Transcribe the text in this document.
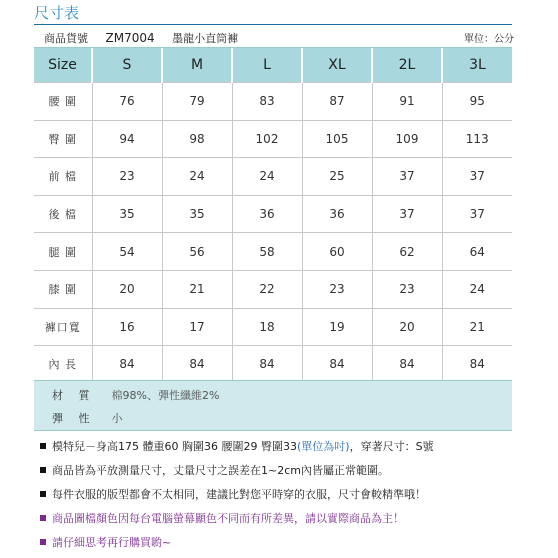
尺寸表
商品貨號 ZM7004 墨龍小直筒褲	單位：公分
Size	S	M	L	XL	2L	3L
腰 圍	76	79	83	87	91	95
臀 圍	94	98	102	105	109	113
前 檔	23	24	24	25	37	37
後 檔	35	35	36	36	37	37
腿 圍	54	56	58	60	62	64
膝 圍	20	21	22	23	23	24
褲口寬	16	17	18	19	20	21
內 長	84	84	84	84	84	84
材 質 棉98%、彈性纖維2%
彈 性 小
模特兒－身高175 體重60 胸圍36 腰圍29 臀圍33(單位為吋)，穿著尺寸：S號
商品皆為平放測量尺寸，丈量尺寸之誤差在1~2cm內皆屬正常範圍。
每件衣服的版型都會不太相同，建議比對您平時穿的衣服，尺寸會較精準哦！
商品圖檔顏色因每台電腦螢幕顯色不同而有所差異，請以實際商品為主！
請仔細思考再行購買喲~
